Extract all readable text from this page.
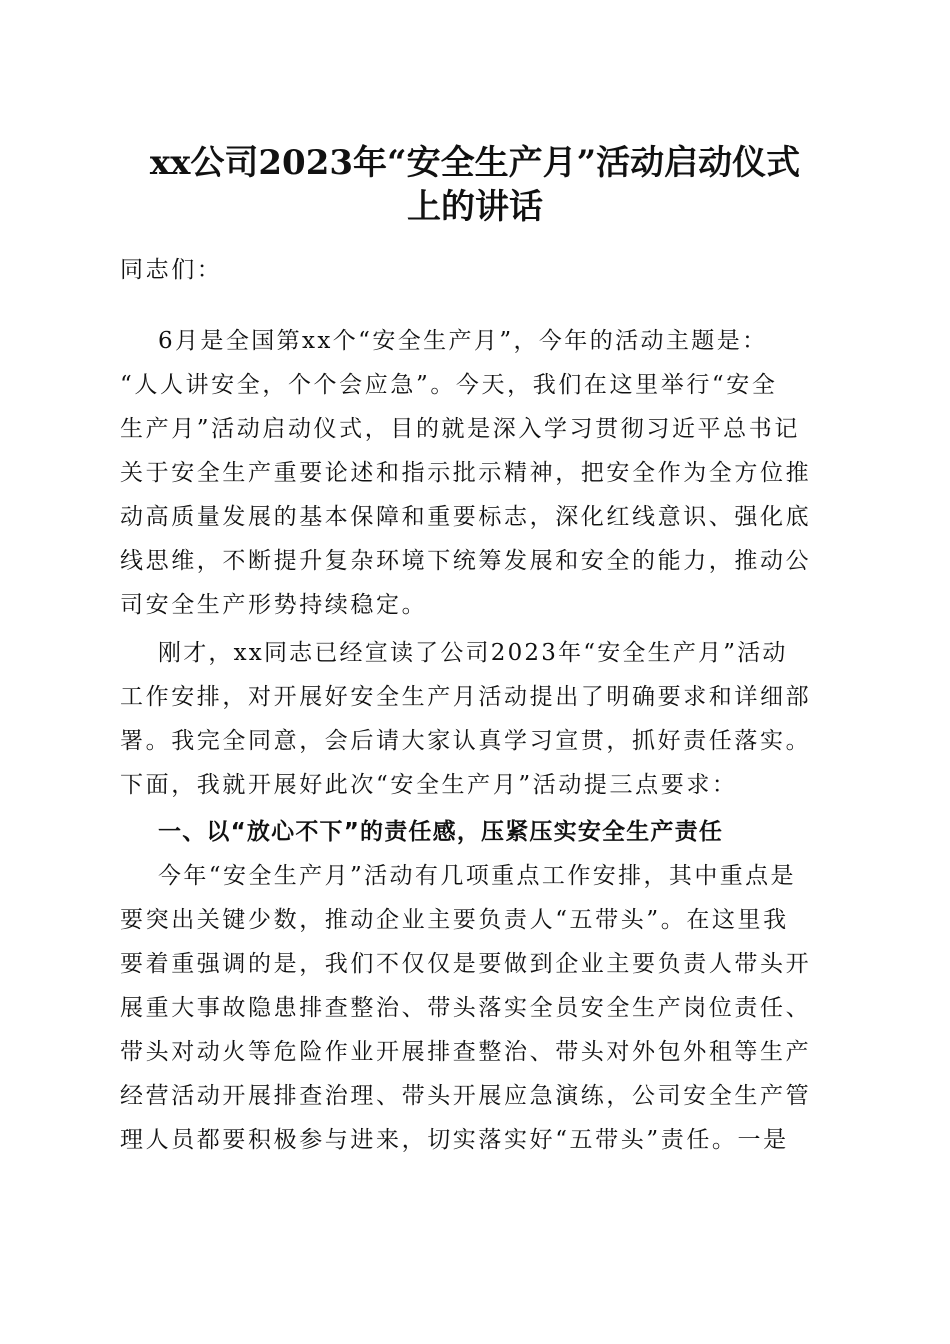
xx公司2023年“安全生产月”活动启动仪式
上的讲话
同志们：
6月是全国第xx个“安全生产月”，今年的活动主题是：
“人人讲安全，个个会应急”。今天，我们在这里举行“安全
生产月”活动启动仪式，目的就是深入学习贯彻习近平总书记
关于安全生产重要论述和指示批示精神，把安全作为全方位推
动高质量发展的基本保障和重要标志，深化红线意识、强化底
线思维，不断提升复杂环境下统筹发展和安全的能力，推动公
司安全生产形势持续稳定。
刚才，xx同志已经宣读了公司2023年“安全生产月”活动
工作安排，对开展好安全生产月活动提出了明确要求和详细部
署。我完全同意，会后请大家认真学习宣贯，抓好责任落实。
下面，我就开展好此次“安全生产月”活动提三点要求：
一、以“放心不下”的责任感，压紧压实安全生产责任
今年“安全生产月”活动有几项重点工作安排，其中重点是
要突出关键少数，推动企业主要负责人“五带头”。在这里我
要着重强调的是，我们不仅仅是要做到企业主要负责人带头开
展重大事故隐患排查整治、带头落实全员安全生产岗位责任、
带头对动火等危险作业开展排查整治、带头对外包外租等生产
经营活动开展排查治理、带头开展应急演练，公司安全生产管
理人员都要积极参与进来，切实落实好“五带头”责任。一是
